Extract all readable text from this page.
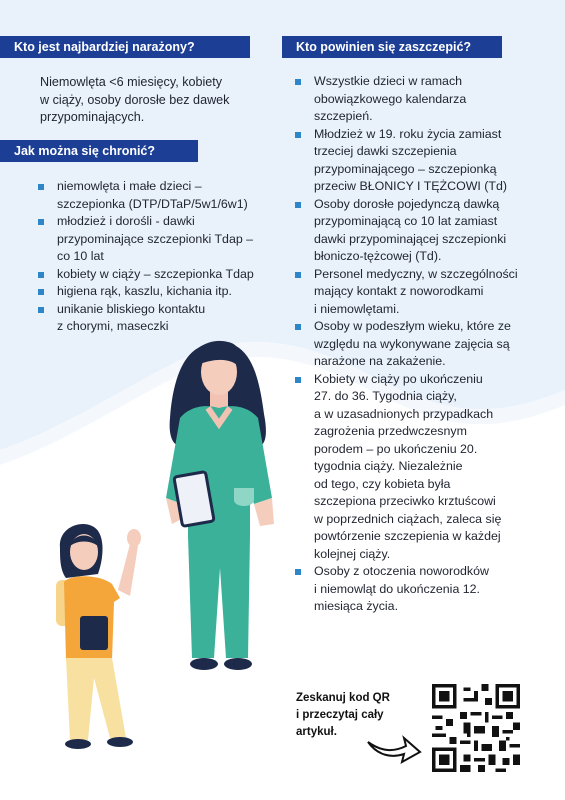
Kto jest najbardziej narażony?
Niemowlęta <6 miesięcy, kobiety
w ciąży, osoby dorosłe bez dawek
przypominających.
Jak można się chronić?
niemowlęta i małe dzieci –
szczepionka (DTP/DTaP/5w1/6w1)
młodzież i dorośli - dawki
przypominające szczepionki Tdap –
co 10 lat
kobiety w ciąży – szczepionka Tdap
higiena rąk, kaszlu, kichania itp.
unikanie bliskiego kontaktu
z chorymi, maseczki
Kto powinien się zaszczepić?
Wszystkie dzieci w ramach
obowiązkowego kalendarza
szczepień.
Młodzież w 19. roku życia zamiast
trzeciej dawki szczepienia
przypominającego – szczepionką
przeciw BŁONICY I TĘŻCOWI (Td)
Osoby dorosłe pojedynczą dawką
przypominającą co 10 lat zamiast
dawki przypominającej szczepionki
błoniczo-tężcowej (Td).
Personel medyczny, w szczególności
mający kontakt z noworodkami
i niemowlętami.
Osoby w podeszłym wieku, które ze
względu na wykonywane zajęcia są
narażone na zakażenie.
Kobiety w ciąży po ukończeniu
27. do 36. Tygodnia ciąży,
a w uzasadnionych przypadkach
zagrożenia przedwczesnym
porodem – po ukończeniu 20.
tygodnia ciąży. Niezależnie
od tego, czy kobieta była
szczepiona przeciwko krztuścowi
w poprzednich ciążach, zaleca się
powtórzenie szczepienia w każdej
kolejnej ciąży.
Osoby z otoczenia noworodków
i niemowląt do ukończenia 12.
miesiąca życia.
Zeskanuj kod QR
i przeczytaj cały
artykuł.
